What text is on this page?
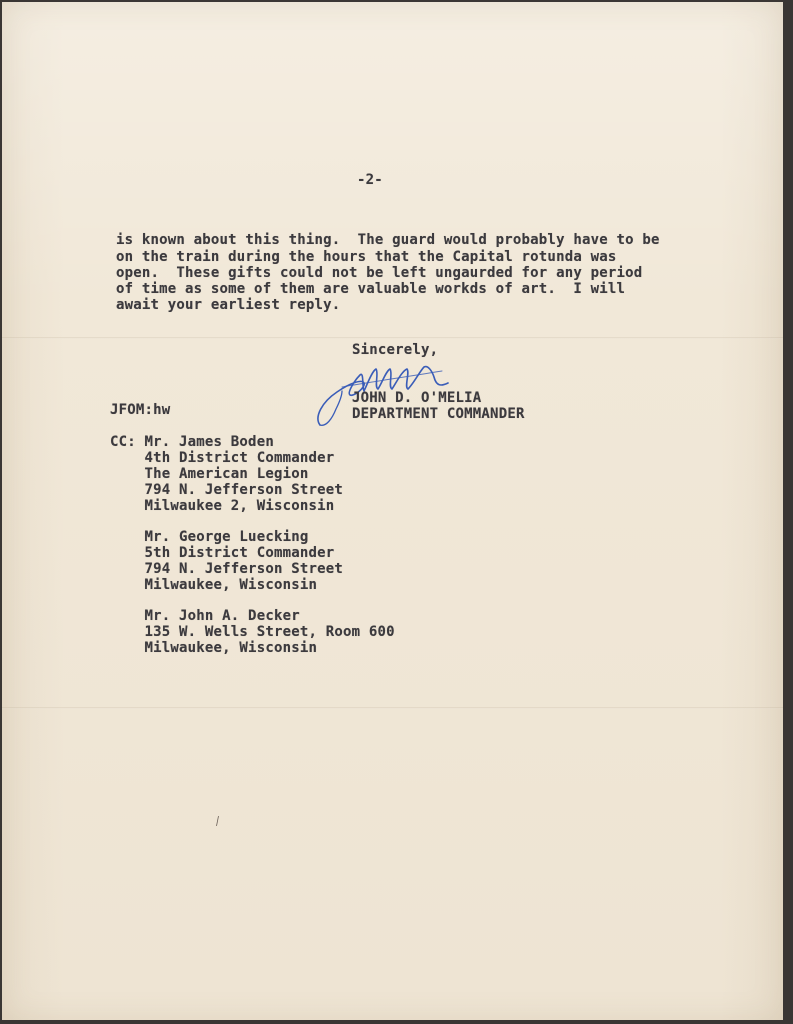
-2-
is known about this thing.  The guard would probably have to be
on the train during the hours that the Capital rotunda was
open.  These gifts could not be left ungaurded for any period
of time as some of them are valuable workds of art.  I will
await your earliest reply.
Sincerely,
JOHN D. O'MELIA
DEPARTMENT COMMANDER
JFOM:hw
CC: Mr. James Boden
4th District Commander
The American Legion
794 N. Jefferson Street
Milwaukee 2, Wisconsin
Mr. George Luecking
5th District Commander
794 N. Jefferson Street
Milwaukee, Wisconsin
Mr. John A. Decker
135 W. Wells Street, Room 600
Milwaukee, Wisconsin
